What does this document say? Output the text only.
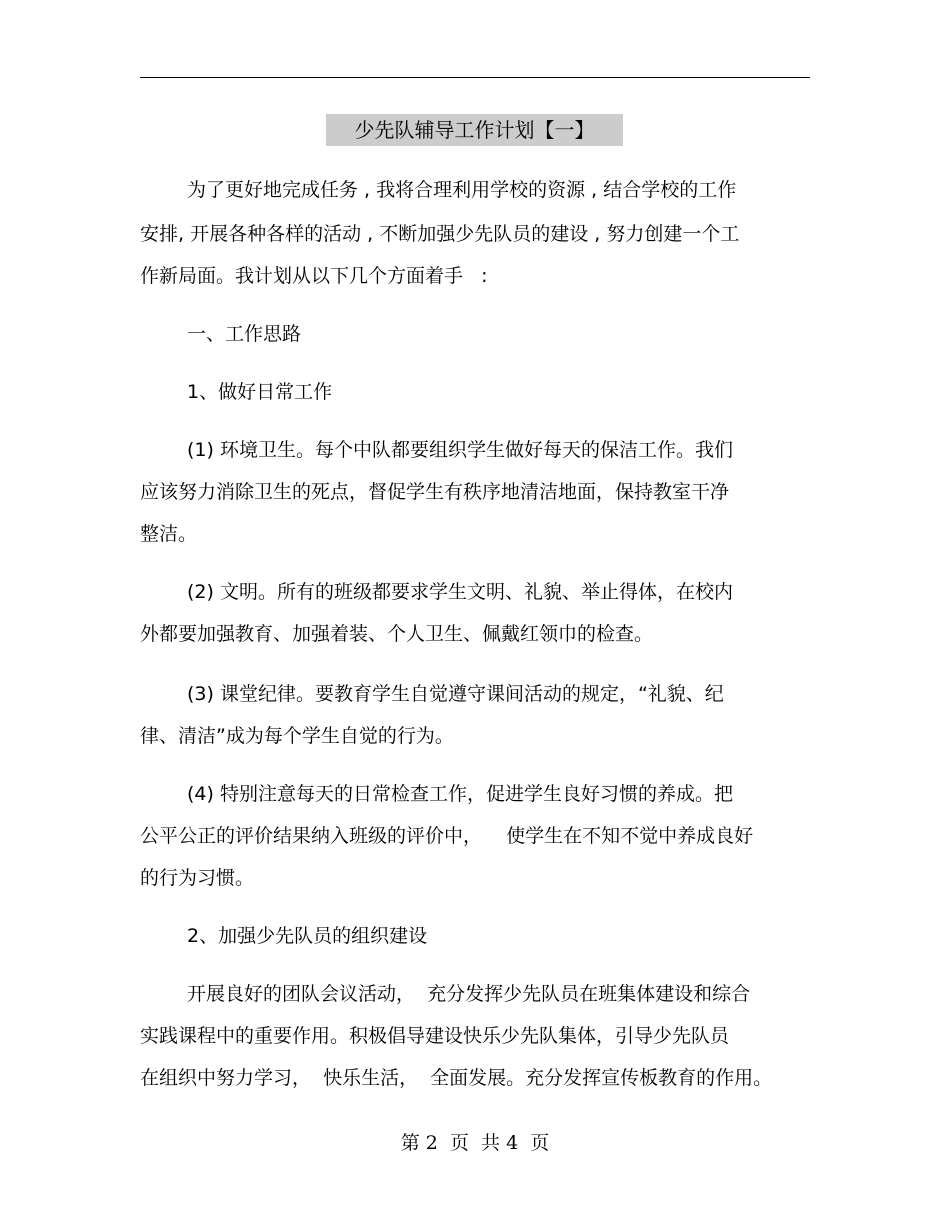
少先队辅导工作计划【一】
为了更好地完成任务 , 我将合理利用学校的资源 , 结合学校的工作
安排, 开展各种各样的活动 , 不断加强少先队员的建设 , 努力创建一个工
作新局面。我计划从以下几个方面着手   :
一、工作思路
1、做好日常工作
(1) 环境卫生。每个中队都要组织学生做好每天的保洁工作。我们
应该努力消除卫生的死点，督促学生有秩序地清洁地面，保持教室干净
整洁。
(2) 文明。所有的班级都要求学生文明、礼貌、举止得体，在校内
外都要加强教育、加强着装、个人卫生、佩戴红领巾的检查。
(3) 课堂纪律。要教育学生自觉遵守课间活动的规定，“礼貌、纪
律、清洁”成为每个学生自觉的行为。
(4) 特别注意每天的日常检查工作，促进学生良好习惯的养成。把
公平公正的评价结果纳入班级的评价中，    使学生在不知不觉中养成良好
的行为习惯。
2、加强少先队员的组织建设
开展良好的团队会议活动，  充分发挥少先队员在班集体建设和综合
实践课程中的重要作用。积极倡导建设快乐少先队集体，引导少先队员
在组织中努力学习，  快乐生活，  全面发展。充分发挥宣传板教育的作用。
第 2  页  共 4  页
